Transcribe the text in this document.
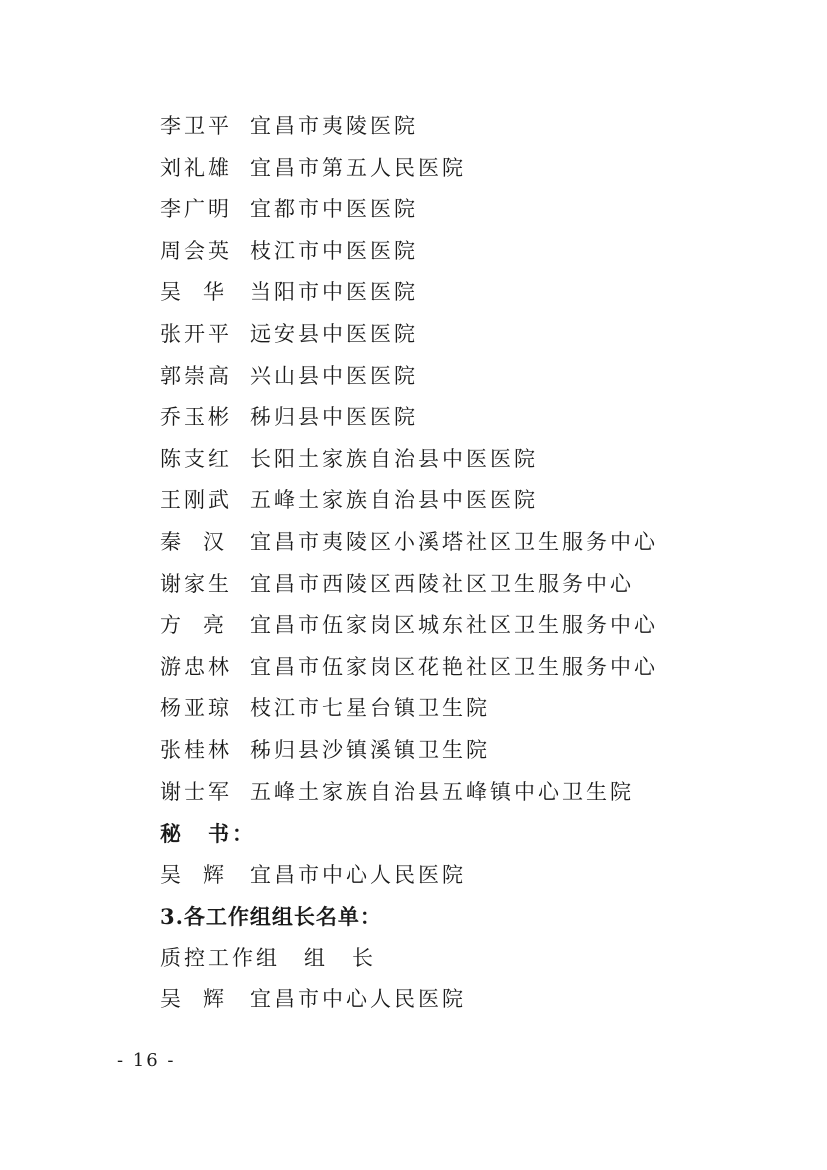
李卫平 宜昌市夷陵医院
刘礼雄 宜昌市第五人民医院
李广明 宜都市中医医院
周会英 枝江市中医医院
吴 华 当阳市中医医院
张开平 远安县中医医院
郭崇高 兴山县中医医院
乔玉彬 秭归县中医医院
陈支红 长阳土家族自治县中医医院
王刚武 五峰土家族自治县中医医院
秦 汉 宜昌市夷陵区小溪塔社区卫生服务中心
谢家生 宜昌市西陵区西陵社区卫生服务中心
方 亮 宜昌市伍家岗区城东社区卫生服务中心
游忠林 宜昌市伍家岗区花艳社区卫生服务中心
杨亚琼 枝江市七星台镇卫生院
张桂林 秭归县沙镇溪镇卫生院
谢士军 五峰土家族自治县五峰镇中心卫生院
秘　书：
吴 辉 宜昌市中心人民医院
3.各工作组组长名单：
质控工作组　组　长
吴 辉 宜昌市中心人民医院
- 16 -
